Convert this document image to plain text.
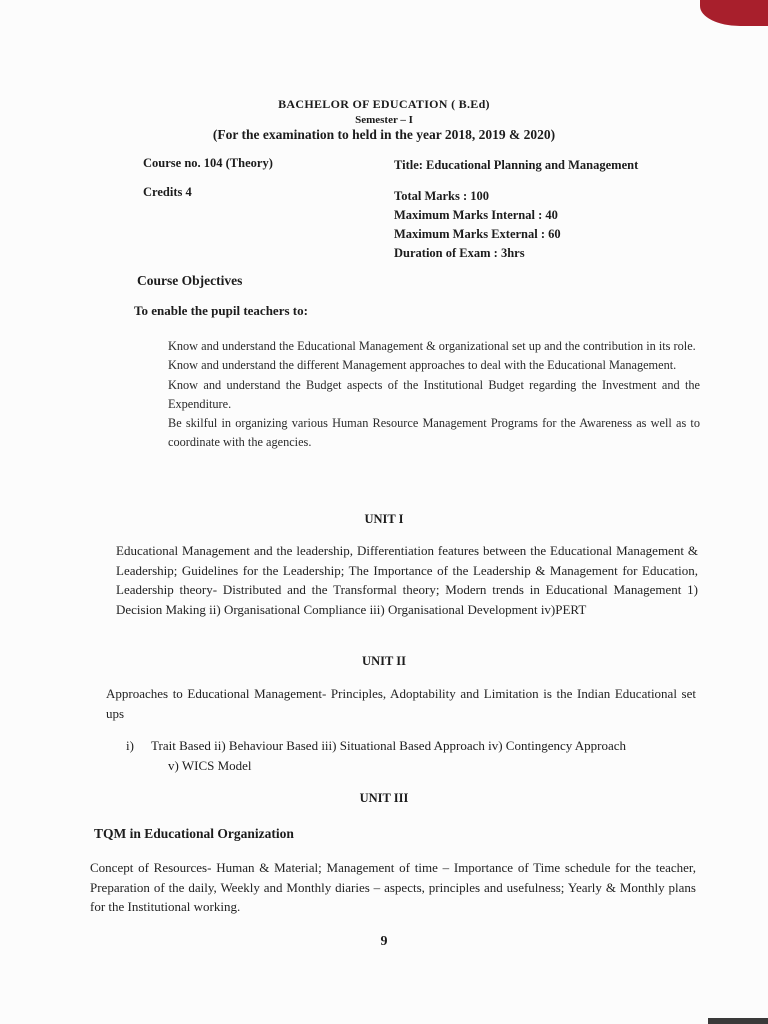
BACHELOR OF EDUCATION ( B.Ed)
Semester – I
(For the examination to held in the year 2018, 2019 & 2020)
Course no. 104 (Theory)	Title: Educational Planning and Management
Credits 4	Total Marks : 100
Maximum Marks Internal : 40
Maximum Marks External : 60
Duration of Exam : 3hrs
Course Objectives
To enable the pupil teachers to:

Know and understand the Educational Management & organizational set up and the contribution in its role.

Know and understand the different Management approaches to deal with the Educational Management.

Know and understand the Budget aspects of the Institutional Budget regarding the Investment and the Expenditure.

Be skilful in organizing various Human Resource Management Programs for the Awareness as well as to coordinate with the agencies.

UNIT I

Educational Management and the leadership, Differentiation features between the Educational Management & Leadership; Guidelines for the Leadership; The Importance of the Leadership & Management for Education, Leadership theory- Distributed and the Transformal theory; Modern trends in Educational Management 1) Decision Making ii) Organisational Compliance iii) Organisational Development iv)PERT

UNIT II

Approaches to Educational Management- Principles, Adoptability and Limitation is the Indian Educational set ups

i) Trait Based ii) Behaviour Based iii) Situational Based Approach iv) Contingency Approach
v) WICS Model
UNIT III
TQM in Educational Organization

Concept of Resources- Human & Material; Management of time – Importance of Time schedule for the teacher, Preparation of the daily, Weekly and Monthly diaries – aspects, principles and usefulness; Yearly & Monthly plans for the Institutional working.

9
